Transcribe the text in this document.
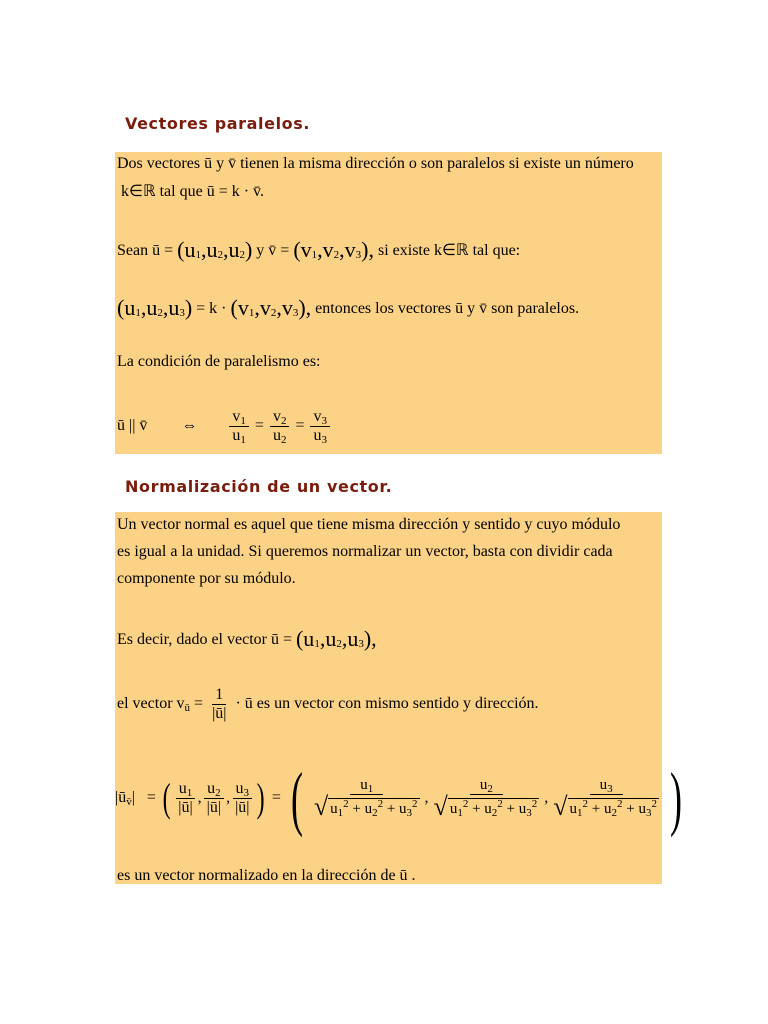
Vectores paralelos.
Dos vectores ū y v̄ tienen la misma dirección o son paralelos si existe un número
k∈ℝ tal que ū = k · v̄.
Sean ū = $(u_1,u_2,u_2)$ y v̄ = $(v_1,v_2,v_3)$, si existe k∈ℝ tal que:
$(u_1,u_2,u_3) = k \cdot (v_1,v_2,v_3)$, entonces los vectores ū y v̄ son paralelos.
La condición de paralelismo es:
ū || v̄ ⇔ $\frac{v_1}{u_1} = \frac{v_2}{u_2} = \frac{v_3}{u_3}$
Normalización de un vector.
Un vector normal es aquel que tiene misma dirección y sentido y cuyo módulo
es igual a la unidad. Si queremos normalizar un vector, basta con dividir cada
componente por su módulo.
Es decir, dado el vector ū = $(u_1,u_2,u_3)$,
el vector $v_ū = \frac{1}{|ū|}$ · ū es un vector con mismo sentido y dirección.
$|ū_{v̄}|$ = ( $\frac{u_1}{|ū|}$ , $\frac{u_2}{|ū|}$ , $\frac{u_3}{|ū|}$ ) = ( $\frac{u_1}{√ u_1^2 + u_2^2 + u_3^2}$ , $\frac{u_2}{√ u_1^2 + u_2^2 + u_3^2}$ , $\frac{u_3}{√ u_1^2 + u_2^2 + u_3^2}$ )
es un vector normalizado en la dirección de ū .
